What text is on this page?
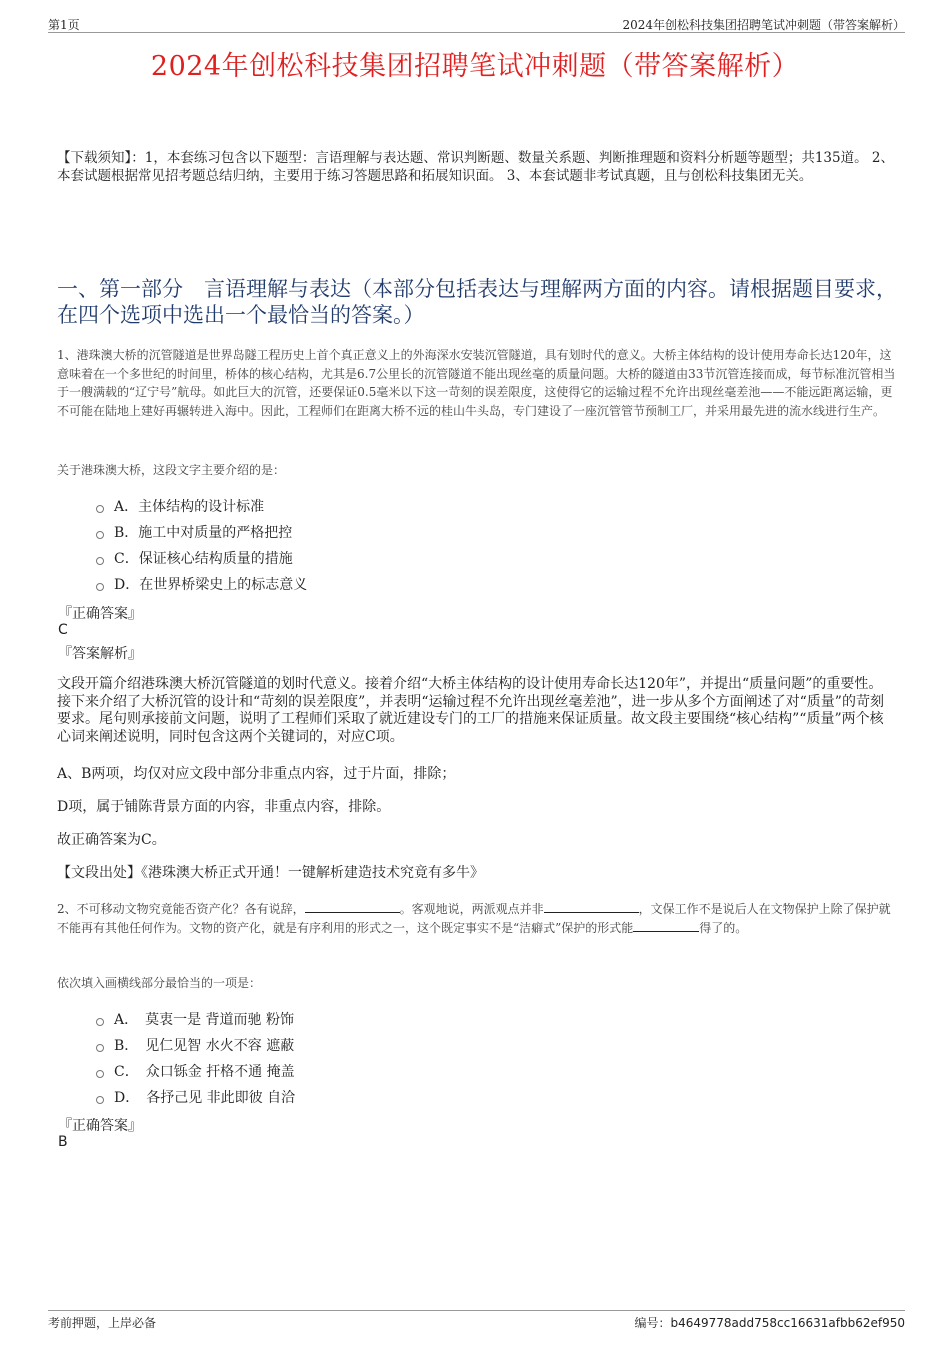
第1页	2024年创松科技集团招聘笔试冲刺题（带答案解析）
2024年创松科技集团招聘笔试冲刺题（带答案解析）
【下载须知】：1，本套练习包含以下题型：言语理解与表达题、常识判断题、数量关系题、判断推理题和资料分析题等题型；共135道。 2、本套试题根据常见招考题总结归纳，主要用于练习答题思路和拓展知识面。 3、本套试题非考试真题，且与创松科技集团无关。
一、第一部分　言语理解与表达（本部分包括表达与理解两方面的内容。请根据题目要求，在四个选项中选出一个最恰当的答案。）
1、港珠澳大桥的沉管隧道是世界岛隧工程历史上首个真正意义上的外海深水安装沉管隧道，具有划时代的意义。大桥主体结构的设计使用寿命长达120年，这意味着在一个多世纪的时间里，桥体的核心结构，尤其是6.7公里长的沉管隧道不能出现丝毫的质量问题。大桥的隧道由33节沉管连接而成，每节标准沉管相当于一艘满载的“辽宁号”航母。如此巨大的沉管，还要保证0.5毫米以下这一苛刻的误差限度，这使得它的运输过程不允许出现丝毫差池——不能远距离运输，更不可能在陆地上建好再辗转进入海中。因此，工程师们在距离大桥不远的桂山牛头岛，专门建设了一座沉管管节预制工厂，并采用最先进的流水线进行生产。
关于港珠澳大桥，这段文字主要介绍的是：
A．主体结构的设计标准
B．施工中对质量的严格把控
C．保证核心结构质量的措施
D．在世界桥梁史上的标志意义
『正确答案』
C
『答案解析』
文段开篇介绍港珠澳大桥沉管隧道的划时代意义。接着介绍“大桥主体结构的设计使用寿命长达120年”，并提出“质量问题”的重要性。接下来介绍了大桥沉管的设计和“苛刻的误差限度”，并表明“运输过程不允许出现丝毫差池”，进一步从多个方面阐述了对“质量”的苛刻要求。尾句则承接前文问题，说明了工程师们采取了就近建设专门的工厂的措施来保证质量。故文段主要围绕“核心结构”“质量”两个核心词来阐述说明，同时包含这两个关键词的，对应C项。
A、B两项，均仅对应文段中部分非重点内容，过于片面，排除；
D项，属于铺陈背景方面的内容，非重点内容，排除。
故正确答案为C。
【文段出处】《港珠澳大桥正式开通！一键解析建造技术究竟有多牛》
2、不可移动文物究竟能否资产化？各有说辞，	。客观地说，两派观点并非	，文保工作不是说后人在文物保护上除了保护就不能再有其他任何作为。文物的资产化，就是有序利用的形式之一，这个既定事实不是“洁癖式”保护的形式能	得了的。
依次填入画横线部分最恰当的一项是：
A．　莫衷一是 背道而驰 粉饰
B．　见仁见智 水火不容 遮蔽
C．　众口铄金 扞格不通 掩盖
D．　各抒己见 非此即彼 自洽
『正确答案』
B
考前押题，上岸必备	编号：b4649778add758cc16631afbb62ef950
